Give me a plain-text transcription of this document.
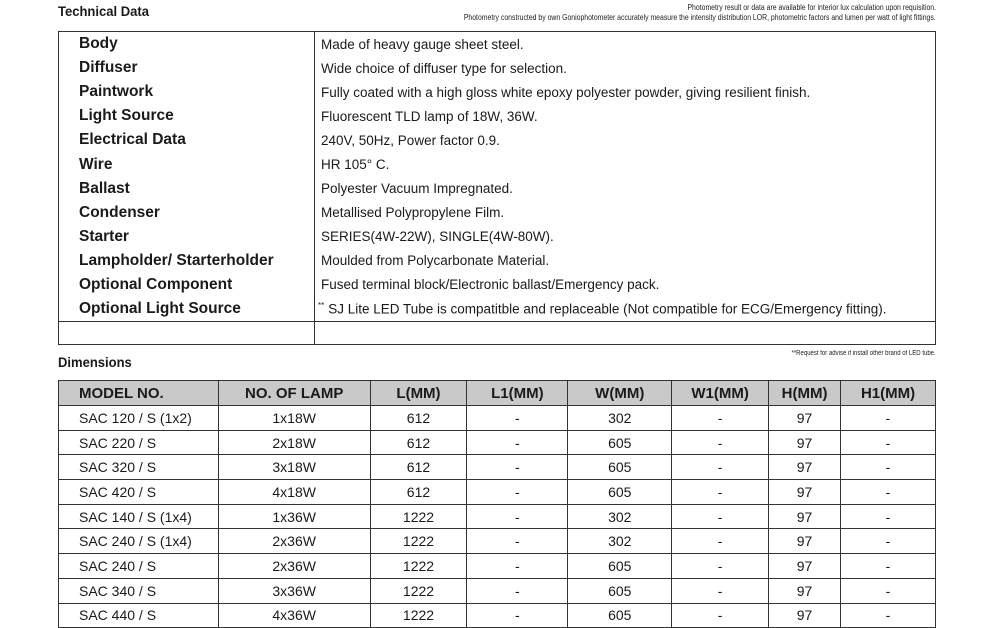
Technical Data	Photometry result or data are available for interior lux calculation upon requisition.
Photometry constructed by own Goniophotometer accurately measure the intensity distribution LOR, photometric factors and lumen per watt of light fittings.
Body	Made of heavy gauge sheet steel.
Diffuser	Wide choice of diffuser type for selection.
Paintwork	Fully coated with a high gloss white epoxy polyester powder, giving resilient finish.
Light Source	Fluorescent TLD lamp of 18W, 36W.
Electrical Data	240V, 50Hz, Power factor 0.9.
Wire	HR 105° C.
Ballast	Polyester Vacuum Impregnated.
Condenser	Metallised Polypropylene Film.
Starter	SERIES(4W-22W), SINGLE(4W-80W).
Lampholder/ Starterholder	Moulded from Polycarbonate Material.
Optional Component	Fused terminal block/Electronic ballast/Emergency pack.
Optional Light Source	** SJ Lite LED Tube is compatitble and replaceable (Not compatible for ECG/Emergency fitting).

Dimensions
**Request for advise if install other brand of LED tube.
MODEL NO.	NO. OF LAMP	L(MM)	L1(MM)	W(MM)	W1(MM)	H(MM)	H1(MM)
SAC 120 / S (1x2)	1x18W	612	-	302	-	97	-
SAC 220 / S	2x18W	612	-	605	-	97	-
SAC 320 / S	3x18W	612	-	605	-	97	-
SAC 420 / S	4x18W	612	-	605	-	97	-
SAC 140 / S (1x4)	1x36W	1222	-	302	-	97	-
SAC 240 / S (1x4)	2x36W	1222	-	302	-	97	-
SAC 240 / S	2x36W	1222	-	605	-	97	-
SAC 340 / S	3x36W	1222	-	605	-	97	-
SAC 440 / S	4x36W	1222	-	605	-	97	-
